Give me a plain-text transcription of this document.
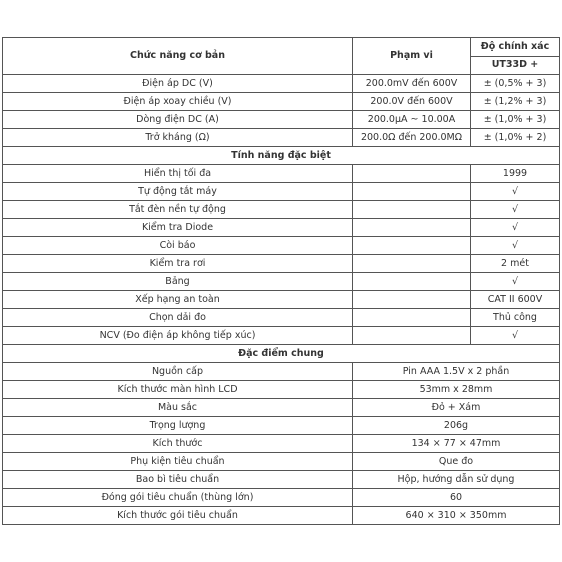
Chức năng cơ bản	Phạm vi	Độ chính xác
		UT33D +
Điện áp DC (V)	200.0mV đến 600V	± (0,5% + 3)
Điện áp xoay chiều (V)	200.0V đến 600V	± (1,2% + 3)
Dòng điện DC (A)	200.0μA ~ 10.00A	± (1,0% + 3)
Trở kháng (Ω)	200.0Ω đến 200.0MΩ	± (1,0% + 2)
Tính năng đặc biệt		
Hiển thị tối đa		1999
Tự động tắt máy		√
Tắt đèn nền tự động		√
Kiểm tra Diode		√
Còi báo		√
Kiểm tra rơi		2 mét
Bảng		√
Xếp hạng an toàn		CAT II 600V
Chọn dải đo		Thủ công
NCV (Đo điện áp không tiếp xúc)		√
Đặc điểm chung		
Nguồn cấp	Pin AAA 1.5V x 2 phần	
Kích thước màn hình LCD	53mm x 28mm	
Màu sắc	Đỏ + Xám	
Trọng lượng	206g	
Kích thước	134 × 77 × 47mm	
Phụ kiện tiêu chuẩn	Que đo	
Bao bì tiêu chuẩn	Hộp, hướng dẫn sử dụng	
Đóng gói tiêu chuẩn (thùng lớn)	60	
Kích thước gói tiêu chuẩn	640 × 310 × 350mm	
